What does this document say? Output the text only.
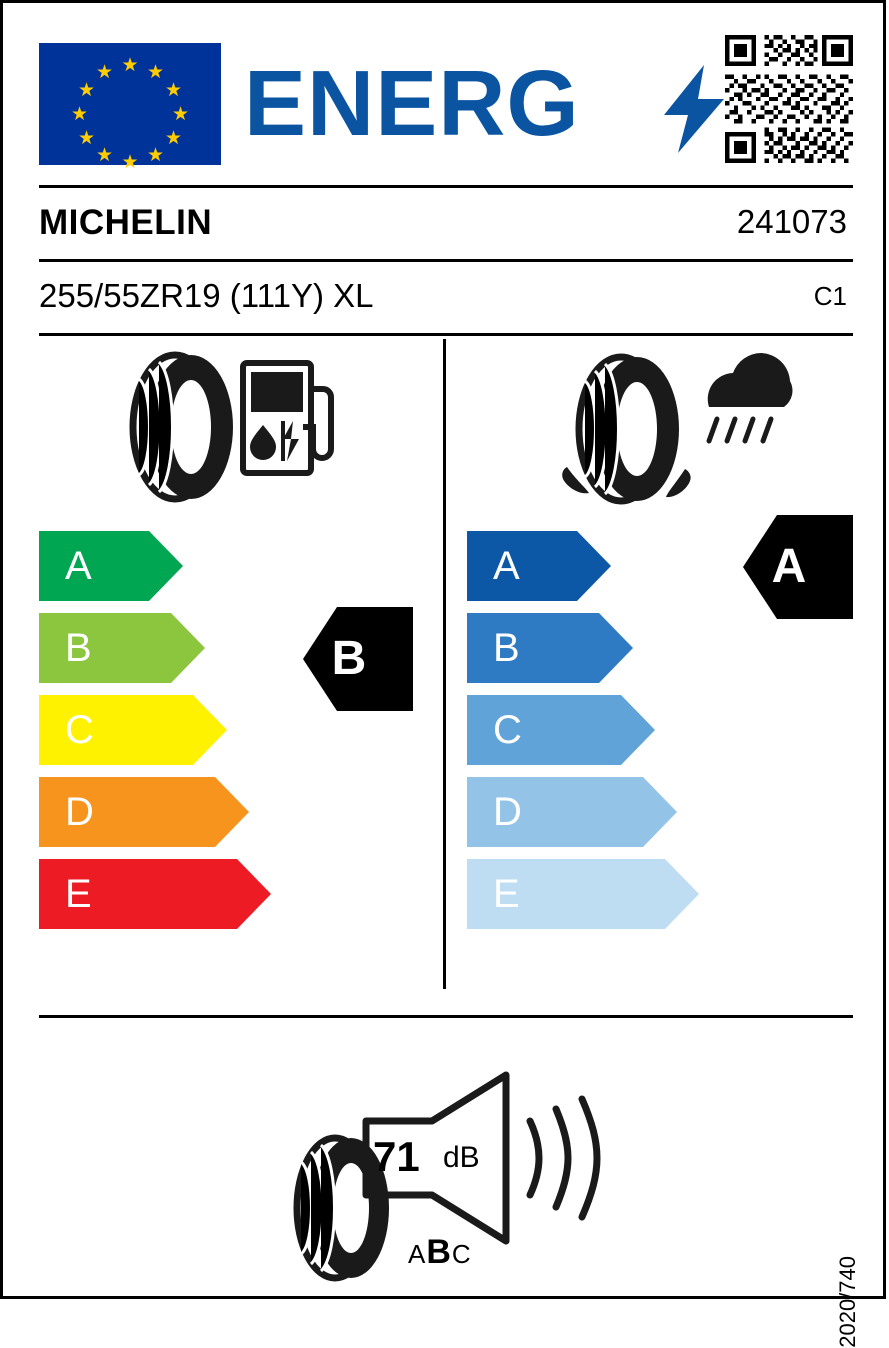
★ ★
★
★
★
★
★
★
★
★
★
★ ENERG
MICHELIN	241073
255/55ZR19 (111Y) XL	C1
A
B
C
D
E
A
B
C
D
E
B
A
71 dB
ABC
2020/740
